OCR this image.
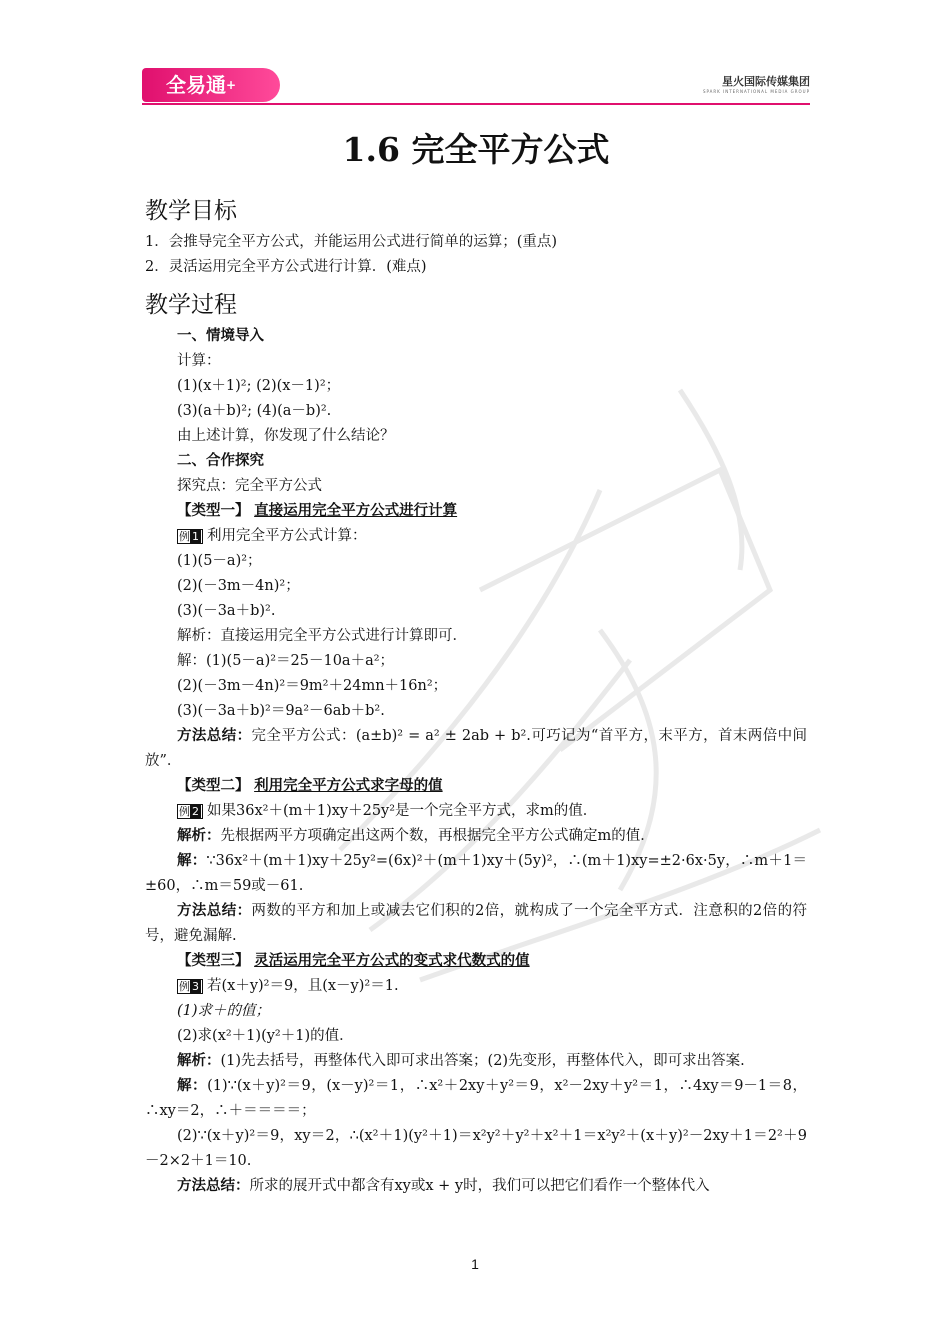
全易通+	星火国际传媒集团
SPARK INTERNATIONAL MEDIA GROUP
1.6 完全平方公式
教学目标
1．会推导完全平方公式，并能运用公式进行简单的运算；(重点)
2．灵活运用完全平方公式进行计算．(难点)
教学过程
一、情境导入
计算：
(1)(x＋1)²; (2)(x－1)²；
(3)(a＋b)²; (4)(a－b)².
由上述计算，你发现了什么结论？
二、合作探究
探究点：完全平方公式
【类型一】 直接运用完全平方公式进行计算
例 1 利用完全平方公式计算：
(1)(5－a)²；
(2)(－3m－4n)²；
(3)(－3a＋b)².
解析：直接运用完全平方公式进行计算即可．
解：(1)(5－a)²＝25－10a＋a²；
(2)(－3m－4n)²＝9m²＋24mn＋16n²；
(3)(－3a＋b)²＝9a²－6ab＋b².
方法总结：完全平方公式：(a±b)² = a² ± 2ab + b².可巧记为“首平方，末平方，首末两倍中间放”．
【类型二】 利用完全平方公式求字母的值
例 2 如果36x²＋(m＋1)xy＋25y²是一个完全平方式，求m的值．
解析：先根据两平方项确定出这两个数，再根据完全平方公式确定m的值．
解：∵36x²＋(m＋1)xy＋25y²=(6x)²＋(m＋1)xy＋(5y)²，∴(m＋1)xy=±2·6x·5y，∴m＋1＝±60，∴m＝59或－61.
方法总结：两数的平方和加上或减去它们积的2倍，就构成了一个完全平方式．注意积的2倍的符号，避免漏解.
【类型三】 灵活运用完全平方公式的变式求代数式的值
例 3 若(x＋y)²＝9，且(x－y)²＝1.
(1)求＋的值；
(2)求(x²＋1)(y²＋1)的值．
解析：(1)先去括号，再整体代入即可求出答案；(2)先变形，再整体代入，即可求出答案.
解：(1)∵(x＋y)²＝9，(x－y)²＝1，∴x²＋2xy＋y²＝9，x²－2xy＋y²＝1，∴4xy＝9－1＝8，∴xy＝2，∴＋＝＝＝＝；
(2)∵(x＋y)²＝9，xy＝2，∴(x²＋1)(y²＋1)＝x²y²＋y²＋x²＋1＝x²y²＋(x＋y)²－2xy＋1＝2²＋9－2×2＋1＝10.
方法总结：所求的展开式中都含有xy或x + y时，我们可以把它们看作一个整体代入
1
